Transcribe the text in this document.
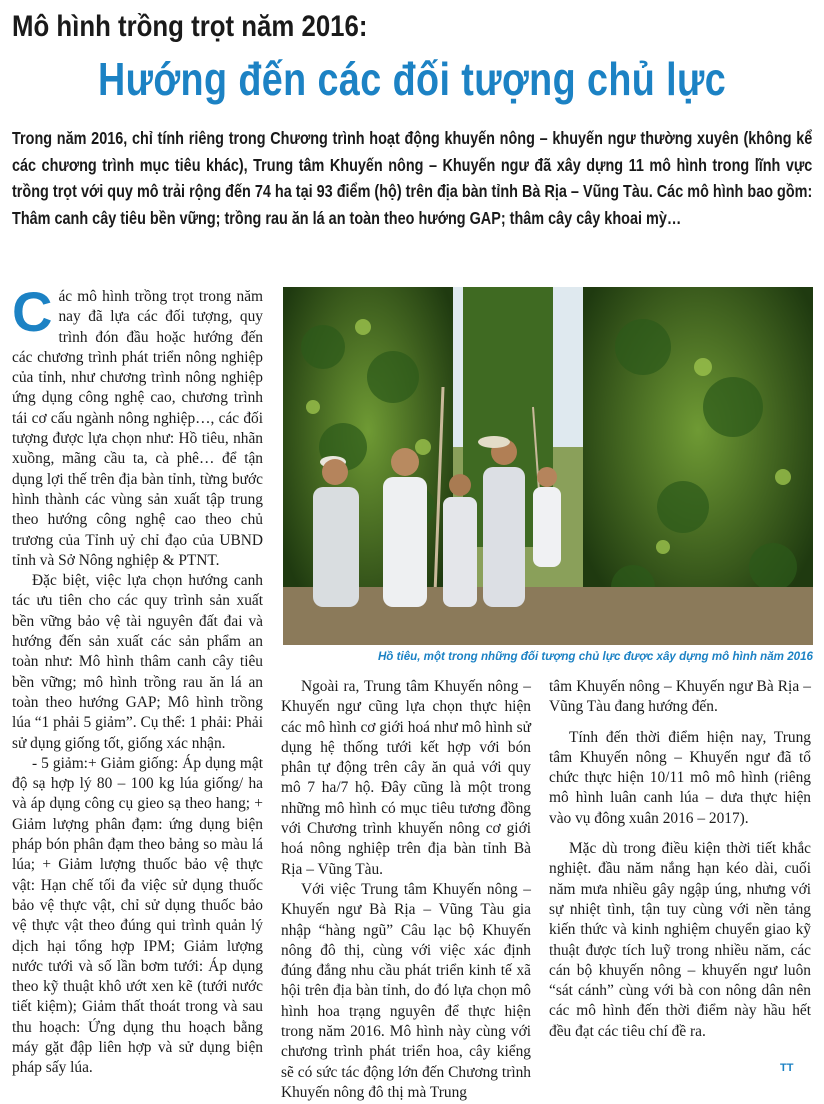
Mô hình trồng trọt năm 2016:
Hướng đến các đối tượng chủ lực
Trong năm 2016, chỉ tính riêng trong Chương trình hoạt động khuyến nông – khuyến ngư thường xuyên (không kể các chương trình mục tiêu khác), Trung tâm Khuyến nông – Khuyến ngư đã xây dựng 11 mô hình trong lĩnh vực trồng trọt với quy mô trải rộng đến 74 ha tại 93 điểm (hộ) trên địa bàn tỉnh Bà Rịa – Vũng Tàu. Các mô hình bao gồm: Thâm canh cây tiêu bền vững; trồng rau ăn lá an toàn theo hướng GAP; thâm cây cây khoai mỳ…

Các mô hình trồng trọt trong năm nay đã lựa các đối tượng, quy trình đón đầu hoặc hướng đến các chương trình phát triển nông nghiệp của tỉnh, như chương trình nông nghiệp ứng dụng công nghệ cao, chương trình tái cơ cấu ngành nông nghiệp…, các đối tượng được lựa chọn như: Hồ tiêu, nhãn xuồng, mãng cầu ta, cà phê… để tận dụng lợi thế trên địa bàn tỉnh, từng bước hình thành các vùng sản xuất tập trung theo hướng công nghệ cao theo chủ trương của Tỉnh uỷ chỉ đạo của UBND tỉnh và Sở Nông nghiệp & PTNT.

Đặc biệt, việc lựa chọn hướng canh tác ưu tiên cho các quy trình sản xuất bền vững bảo vệ tài nguyên đất đai và hướng đến sản xuất các sản phẩm an toàn như: Mô hình thâm canh cây tiêu bền vững; mô hình trồng rau ăn lá an toàn theo hướng GAP; Mô hình trồng lúa “1 phải 5 giảm”. Cụ thể: 1 phải: Phải sử dụng giống tốt, giống xác nhận.

- 5 giảm:+ Giảm giống: Áp dụng mật độ sạ hợp lý 80 – 100 kg lúa giống/ ha và áp dụng công cụ gieo sạ theo hang; + Giảm lượng phân đạm: ứng dụng biện pháp bón phân đạm theo bảng so màu lá lúa; + Giảm lượng thuốc bảo vệ thực vật: Hạn chế tối đa việc sử dụng thuốc bảo vệ thực vật, chỉ sử dụng thuốc bảo vệ thực vật theo đúng qui trình quản lý dịch hại tổng hợp IPM; Giảm lượng nước tưới và số lần bơm tưới: Áp dụng theo kỹ thuật khô ướt xen kẽ (tưới nước tiết kiệm); Giảm thất thoát trong và sau thu hoạch: Ứng dụng thu hoạch bằng máy gặt đập liên hợp và sử dụng biện pháp sấy lúa.

Hồ tiêu, một trong những đối tượng chủ lực được xây dựng mô hình năm 2016

Ngoài ra, Trung tâm Khuyến nông – Khuyến ngư cũng lựa chọn thực hiện các mô hình cơ giới hoá như mô hình sử dụng hệ thống tưới kết hợp với bón phân tự động trên cây ăn quả với quy mô 7 ha/7 hộ. Đây cũng là một trong những mô hình có mục tiêu tương đồng với Chương trình khuyến nông cơ giới hoá nông nghiệp trên địa bàn tỉnh Bà Rịa – Vũng Tàu.

Với việc Trung tâm Khuyến nông – Khuyến ngư Bà Rịa – Vũng Tàu gia nhập “hàng ngũ” Câu lạc bộ Khuyến nông đô thị, cùng với việc xác định đúng đắng nhu cầu phát triển kinh tế xã hội trên địa bàn tỉnh, do đó lựa chọn mô hình hoa trạng nguyên để thực hiện trong năm 2016. Mô hình này cùng với chương trình phát triển hoa, cây kiểng sẽ có sức tác động lớn đến Chương trình Khuyến nông đô thị mà Trung

tâm Khuyến nông – Khuyến ngư Bà Rịa – Vũng Tàu đang hướng đến.

Tính đến thời điểm hiện nay, Trung tâm Khuyến nông – Khuyến ngư đã tổ chức thực hiện 10/11 mô mô hình (riêng mô hình luân canh lúa – dưa thực hiện vào vụ đông xuân 2016 – 2017).

Mặc dù trong điều kiện thời tiết khắc nghiệt. đầu năm nắng hạn kéo dài, cuối năm mưa nhiều gây ngập úng, nhưng với sự nhiệt tình, tận tuy cùng với nền tảng kiến thức và kinh nghiệm chuyển giao kỹ thuật được tích luỹ trong nhiều năm, các cán bộ khuyến nông – khuyến ngư luôn “sát cánh” cùng với bà con nông dân nên các mô hình đến thời điểm này hầu hết đều đạt các tiêu chí đề ra.

TT
